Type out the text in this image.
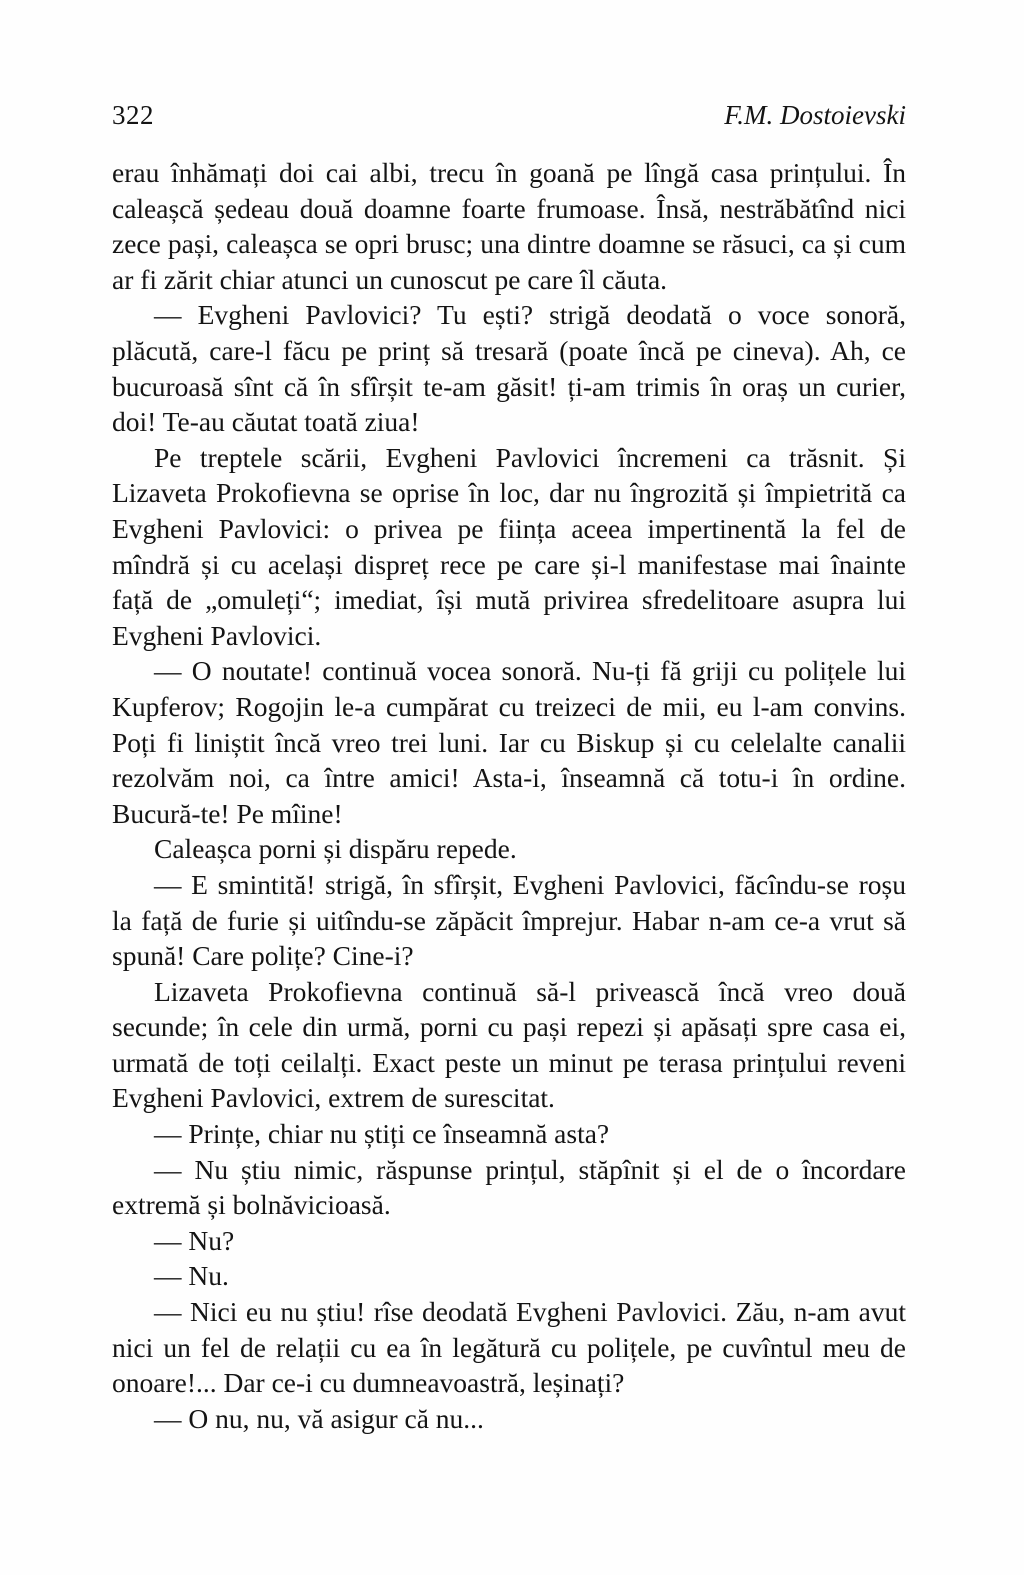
322	F.M. Dostoievski

erau înhămați doi cai albi, trecu în goană pe lîngă casa prințului. În caleașcă ședeau două doamne foarte frumoase. Însă, nestrăbătînd nici zece pași, caleașca se opri brusc; una dintre doamne se răsuci, ca și cum ar fi zărit chiar atunci un cunoscut pe care îl căuta.

— Evgheni Pavlovici? Tu ești? strigă deodată o voce sonoră, plăcută, care-l făcu pe prinț să tresară (poate încă pe cineva). Ah, ce bucuroasă sînt că în sfîrșit te-am găsit! ți-am trimis în oraș un curier, doi! Te-au căutat toată ziua!

Pe treptele scării, Evgheni Pavlovici încremeni ca trăsnit. Și Lizaveta Prokofievna se oprise în loc, dar nu îngrozită și împietrită ca Evgheni Pavlovici: o privea pe ființa aceea impertinentă la fel de mîndră și cu același dispreț rece pe care și-l manifestase mai înainte față de „omuleți“; imediat, își mută privirea sfredelitoare asupra lui Evgheni Pavlovici.

— O noutate! continuă vocea sonoră. Nu-ți fă griji cu polițele lui Kupferov; Rogojin le-a cumpărat cu treizeci de mii, eu l-am convins. Poți fi liniștit încă vreo trei luni. Iar cu Biskup și cu celelalte canalii rezolvăm noi, ca între amici! Asta-i, înseamnă că totu-i în ordine. Bucură-te! Pe mîine!

Caleașca porni și dispăru repede.

— E smintită! strigă, în sfîrșit, Evgheni Pavlovici, făcîndu-se roșu la față de furie și uitîndu-se zăpăcit împrejur. Habar n-am ce-a vrut să spună! Care polițe? Cine-i?

Lizaveta Prokofievna continuă să-l privească încă vreo două secunde; în cele din urmă, porni cu pași repezi și apăsați spre casa ei, urmată de toți ceilalți. Exact peste un minut pe terasa prințului reveni Evgheni Pavlovici, extrem de surescitat.

— Prințe, chiar nu știți ce înseamnă asta?

— Nu știu nimic, răspunse prințul, stăpînit și el de o încordare extremă și bolnăvicioasă.

— Nu?

— Nu.

— Nici eu nu știu! rîse deodată Evgheni Pavlovici. Zău, n-am avut nici un fel de relații cu ea în legătură cu polițele, pe cuvîntul meu de onoare!... Dar ce-i cu dumneavoastră, leșinați?

— O nu, nu, vă asigur că nu...
